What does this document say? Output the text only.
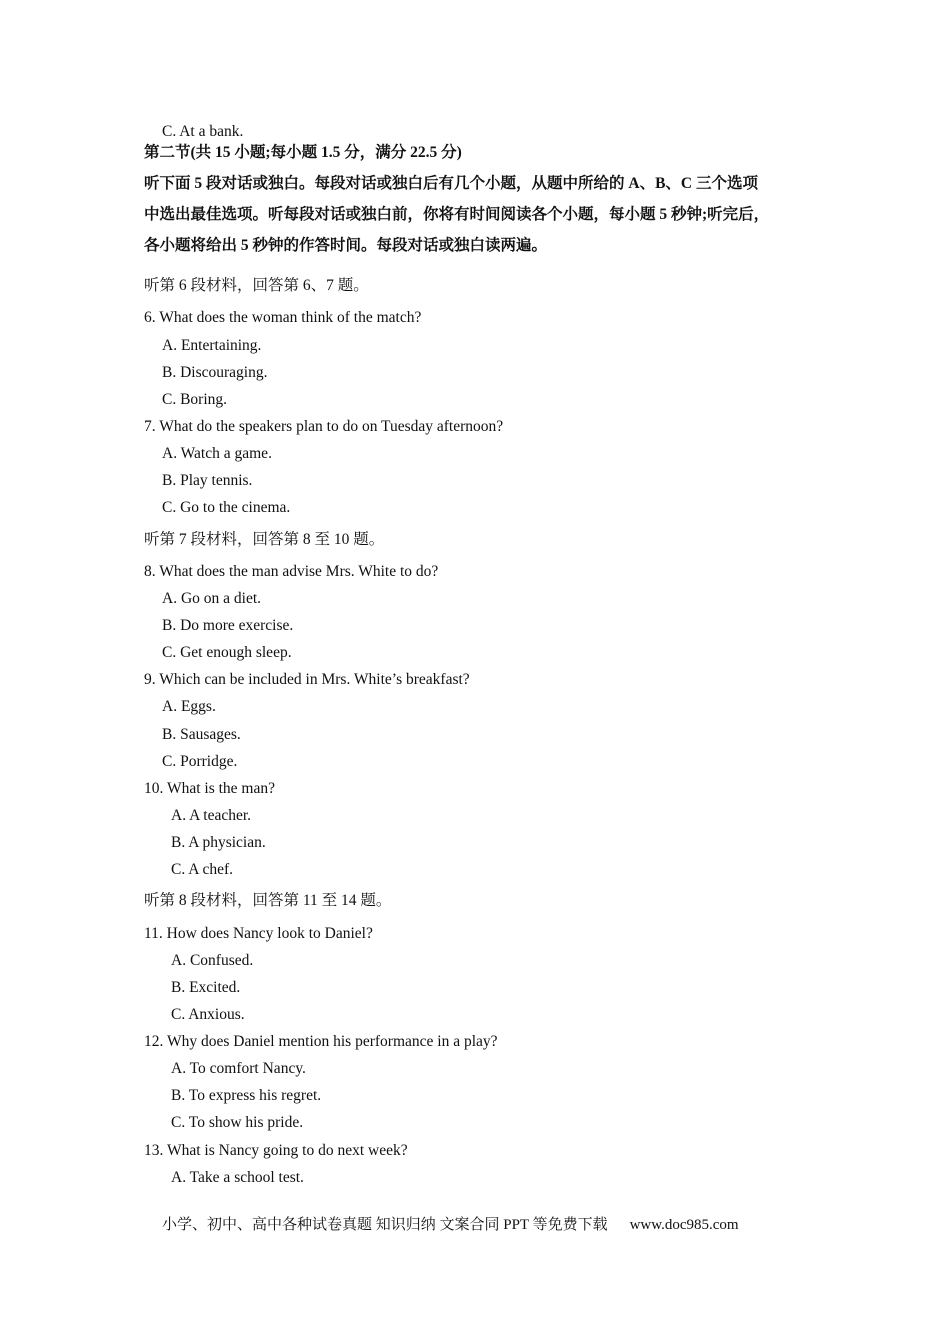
C. At a bank.
第二节(共 15 小题;每小题 1.5 分，满分 22.5 分)
听下面 5 段对话或独白。每段对话或独白后有几个小题，从题中所给的 A、B、C 三个选项
中选出最佳选项。听每段对话或独白前，你将有时间阅读各个小题，每小题 5 秒钟;听完后，
各小题将给出 5 秒钟的作答时间。每段对话或独白读两遍。
听第 6 段材料，回答第 6、7 题。
6. What does the woman think of the match?
A. Entertaining.
B. Discouraging.
C. Boring.
7. What do the speakers plan to do on Tuesday afternoon?
A. Watch a game.
B. Play tennis.
C. Go to the cinema.
听第 7 段材料，回答第 8 至 10 题。
8. What does the man advise Mrs. White to do?
A. Go on a diet.
B. Do more exercise.
C. Get enough sleep.
9. Which can be included in Mrs. White’s breakfast?
A. Eggs.
B. Sausages.
C. Porridge.
10. What is the man?
A. A teacher.
B. A physician.
C. A chef.
听第 8 段材料，回答第 11 至 14 题。
11. How does Nancy look to Daniel?
A. Confused.
B. Excited.
C. Anxious.
12. Why does Daniel mention his performance in a play?
A. To comfort Nancy.
B. To express his regret.
C. To show his pride.
13. What is Nancy going to do next week?
A. Take a school test.
小学、初中、高中各种试卷真题 知识归纳 文案合同 PPT 等免费下载 www.doc985.com
